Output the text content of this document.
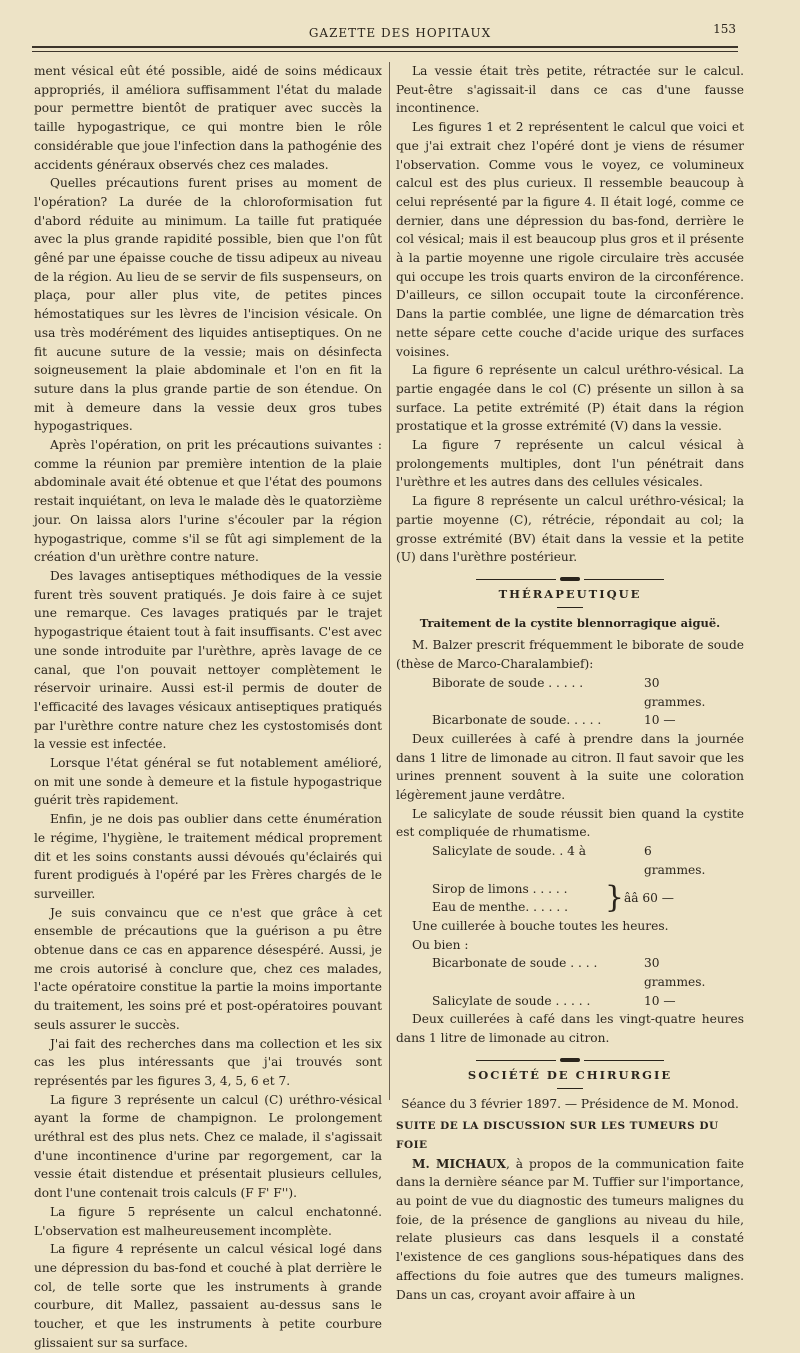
GAZETTE DES HOPITAUX	153

ment vésical eût été possible, aidé de soins médicaux appropriés, il améliora suffisamment l'état du malade pour permettre bientôt de pratiquer avec succès la taille hypogastrique, ce qui montre bien le rôle considérable que joue l'infection dans la pathogénie des accidents généraux observés chez ces malades.

Quelles précautions furent prises au moment de l'opération? La durée de la chloroformisation fut d'abord réduite au minimum. La taille fut pratiquée avec la plus grande rapidité possible, bien que l'on fût gêné par une épaisse couche de tissu adipeux au niveau de la région. Au lieu de se servir de fils suspenseurs, on plaça, pour aller plus vite, de petites pinces hémostatiques sur les lèvres de l'incision vésicale. On usa très modérément des liquides antiseptiques. On ne fit aucune suture de la vessie; mais on désinfecta soigneusement la plaie abdominale et l'on en fit la suture dans la plus grande partie de son étendue. On mit à demeure dans la vessie deux gros tubes hypogastriques.

Après l'opération, on prit les précautions suivantes : comme la réunion par première intention de la plaie abdominale avait été obtenue et que l'état des poumons restait inquiétant, on leva le malade dès le quatorzième jour. On laissa alors l'urine s'écouler par la région hypogastrique, comme s'il se fût agi simplement de la création d'un urèthre contre nature.

Des lavages antiseptiques méthodiques de la vessie furent très souvent pratiqués. Je dois faire à ce sujet une remarque. Ces lavages pratiqués par le trajet hypogastrique étaient tout à fait insuffisants. C'est avec une sonde introduite par l'urèthre, après lavage de ce canal, que l'on pouvait nettoyer complètement le réservoir urinaire. Aussi est-il permis de douter de l'efficacité des lavages vésicaux antiseptiques pratiqués par l'urèthre contre nature chez les cystostomisés dont la vessie est infectée.

Lorsque l'état général se fut notablement amélioré, on mit une sonde à demeure et la fistule hypogastrique guérit très rapidement.

Enfin, je ne dois pas oublier dans cette énumération le régime, l'hygiène, le traitement médical proprement dit et les soins constants aussi dévoués qu'éclairés qui furent prodigués à l'opéré par les Frères chargés de le surveiller.

Je suis convaincu que ce n'est que grâce à cet ensemble de précautions que la guérison a pu être obtenue dans ce cas en apparence désespéré. Aussi, je me crois autorisé à conclure que, chez ces malades, l'acte opératoire constitue la partie la moins importante du traitement, les soins pré et post-opératoires pouvant seuls assurer le succès.

J'ai fait des recherches dans ma collection et les six cas les plus intéressants que j'ai trouvés sont représentés par les figures 3, 4, 5, 6 et 7.

La figure 3 représente un calcul (C) uréthro-vésical ayant la forme de champignon. Le prolongement uréthral est des plus nets. Chez ce malade, il s'agissait d'une incontinence d'urine par regorgement, car la vessie était distendue et présentait plusieurs cellules, dont l'une contenait trois calculs (F F' F'').

La figure 5 représente un calcul enchatonné. L'observation est malheureusement incomplète.

La figure 4 représente un calcul vésical logé dans une dépression du bas-fond et couché à plat derrière le col, de telle sorte que les instruments à grande courbure, dit Mallez, passaient au-dessus sans le toucher, et que les instruments à petite courbure glissaient sur sa surface.

La vessie était très petite, rétractée sur le calcul. Peut-être s'agissait-il dans ce cas d'une fausse incontinence.

Les figures 1 et 2 représentent le calcul que voici et que j'ai extrait chez l'opéré dont je viens de résumer l'observation. Comme vous le voyez, ce volumineux calcul est des plus curieux. Il ressemble beaucoup à celui représenté par la figure 4. Il était logé, comme ce dernier, dans une dépression du bas-fond, derrière le col vésical; mais il est beaucoup plus gros et il présente à la partie moyenne une rigole circulaire très accusée qui occupe les trois quarts environ de la circonférence. D'ailleurs, ce sillon occupait toute la circonférence. Dans la partie comblée, une ligne de démarcation très nette sépare cette couche d'acide urique des surfaces voisines.

La figure 6 représente un calcul uréthro-vésical. La partie engagée dans le col (C) présente un sillon à sa surface. La petite extrémité (P) était dans la région prostatique et la grosse extrémité (V) dans la vessie.

La figure 7 représente un calcul vésical à prolongements multiples, dont l'un pénétrait dans l'urèthre et les autres dans des cellules vésicales.

La figure 8 représente un calcul uréthro-vésical; la partie moyenne (C), rétrécie, répondait au col; la grosse extrémité (BV) était dans la vessie et la petite (U) dans l'urèthre postérieur.

THÉRAPEUTIQUE
Traitement de la cystite blennorragique aiguë.

M. Balzer prescrit fréquemment le biborate de soude (thèse de Marco-Charalambief):

Biborate de soude . . . . .	30 grammes.
Bicarbonate de soude. . . . .	10 —

Deux cuillerées à café à prendre dans la journée dans 1 litre de limonade au citron. Il faut savoir que les urines prennent souvent à la suite une coloration légèrement jaune verdâtre.

Le salicylate de soude réussit bien quand la cystite est compliquée de rhumatisme.

Salicylate de soude. . 4 à	6 grammes.
Sirop de limons . . . . .
Eau de menthe. . . . . .	} ââ 60 —

Une cuillerée à bouche toutes les heures.

Ou bien :

Bicarbonate de soude . . . .	30 grammes.
Salicylate de soude . . . . .	10 —

Deux cuillerées à café dans les vingt-quatre heures dans 1 litre de limonade au citron.

SOCIÉTÉ DE CHIRURGIE
Séance du 3 février 1897. — Présidence de M. Monod.
SUITE DE LA DISCUSSION SUR LES TUMEURS DU FOIE

M. MICHAUX, à propos de la communication faite dans la dernière séance par M. Tuffier sur l'importance, au point de vue du diagnostic des tumeurs malignes du foie, de la présence de ganglions au niveau du hile, relate plusieurs cas dans lesquels il a constaté l'existence de ces ganglions sous-hépatiques dans des affections du foie autres que des tumeurs malignes. Dans un cas, croyant avoir affaire à un
